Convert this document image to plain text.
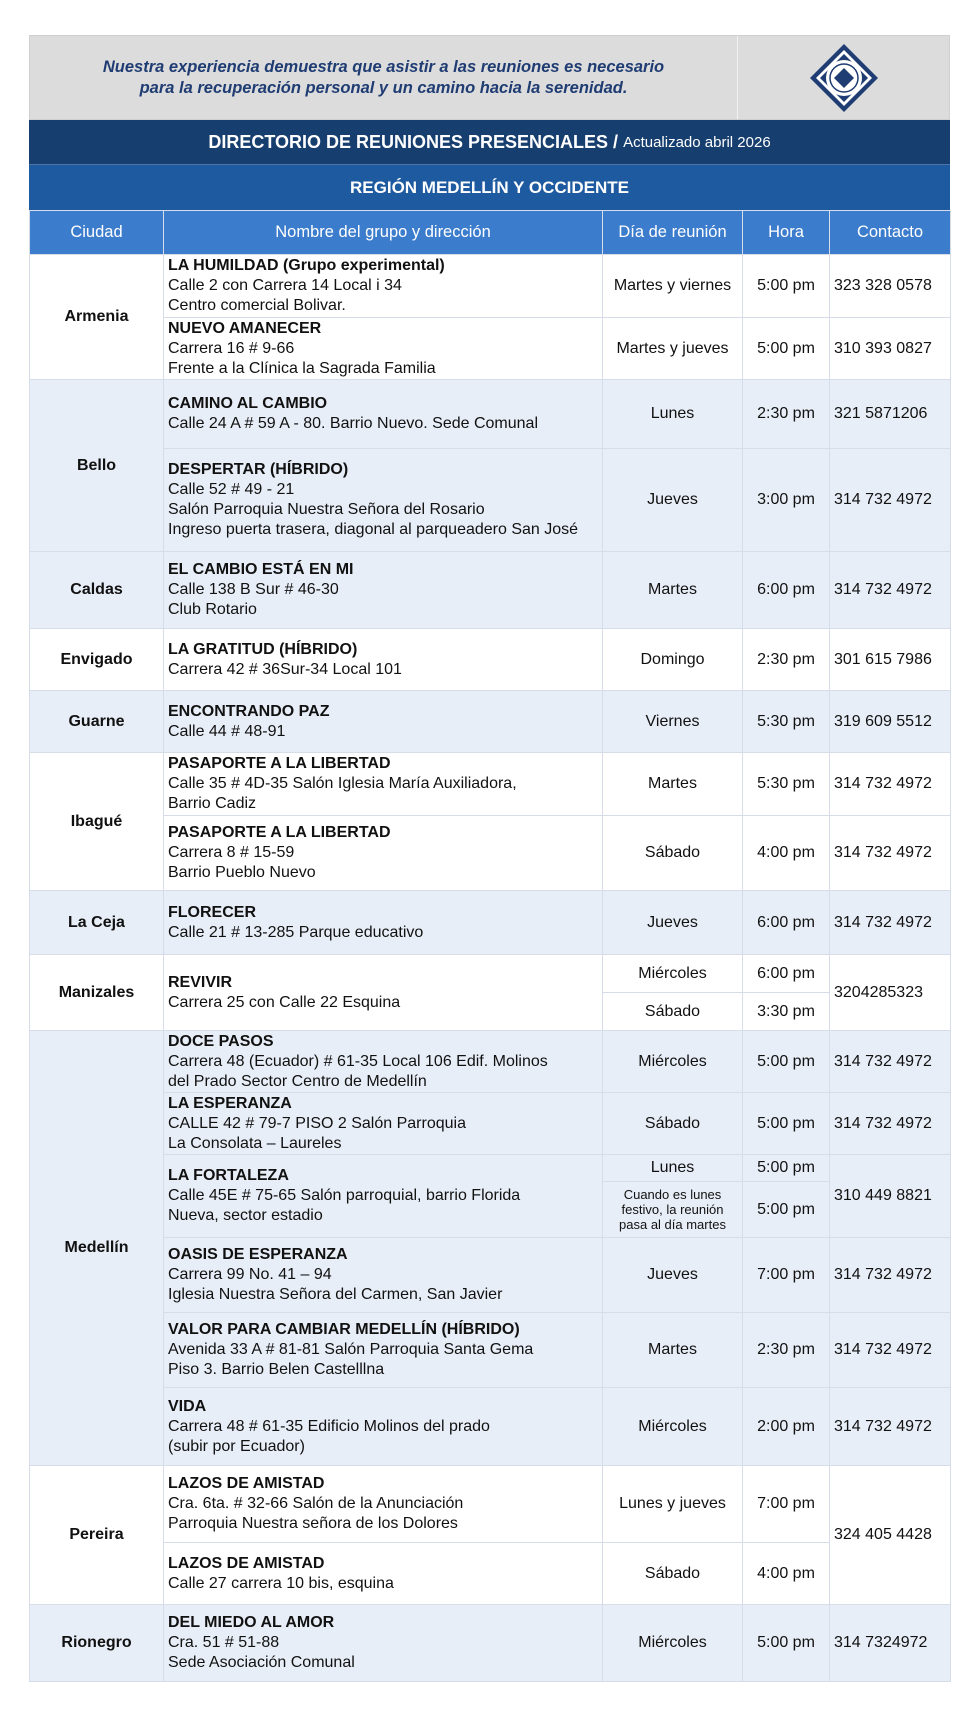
Nuestra experiencia demuestra que asistir a las reuniones es necesario
para la recuperación personal y un camino hacia la serenidad.
DIRECTORIO DE REUNIONES PRESENCIALES / Actualizado abril 2026
REGIÓN MEDELLÍN Y OCCIDENTE
Ciudad	Nombre del grupo y dirección	Día de reunión	Hora	Contacto
Armenia	LA HUMILDAD (Grupo experimental)
Calle 2 con Carrera 14 Local i 34
Centro comercial Bolivar.	Martes y viernes	5:00 pm	323 328 0578

	NUEVO AMANECER
Carrera 16 # 9-66
Frente a la Clínica la Sagrada Familia	Martes y jueves	5:00 pm	310 393 0827
Bello	CAMINO AL CAMBIO
Calle 24 A # 59 A - 80. Barrio Nuevo. Sede Comunal	Lunes	2:30 pm	321 5871206

	DESPERTAR (HÍBRIDO)
Calle 52 # 49 - 21
Salón Parroquia Nuestra Señora del Rosario
Ingreso puerta trasera, diagonal al parqueadero San José	Jueves	3:00 pm	314 732 4972
Caldas	EL CAMBIO ESTÁ EN MI
Calle 138 B Sur # 46-30
Club Rotario	Martes	6:00 pm	314 732 4972
Envigado	LA GRATITUD (HÍBRIDO)
Carrera 42 # 36Sur-34 Local 101	Domingo	2:30 pm	301 615 7986
Guarne	ENCONTRANDO PAZ
Calle 44 # 48-91	Viernes	5:30 pm	319 609 5512
Ibagué	PASAPORTE A LA LIBERTAD
Calle 35 # 4D-35 Salón Iglesia María Auxiliadora,
Barrio Cadiz	Martes	5:30 pm	314 732 4972

	PASAPORTE A LA LIBERTAD
Carrera 8 # 15-59
Barrio Pueblo Nuevo	Sábado	4:00 pm	314 732 4972
La Ceja	FLORECER
Calle 21 # 13-285 Parque educativo	Jueves	6:00 pm	314 732 4972
Manizales	REVIVIR
Carrera 25 con Calle 22 Esquina	Miércoles	6:00 pm	3204285323
		Sábado	3:30 pm	
Medellín	DOCE PASOS
Carrera 48 (Ecuador) # 61-35 Local 106 Edif. Molinos
del Prado Sector Centro de Medellín	Miércoles	5:00 pm	314 732 4972

	LA ESPERANZA
CALLE 42 # 79-7 PISO 2 Salón Parroquia
La Consolata – Laureles	Sábado	5:00 pm	314 732 4972

	LA FORTALEZA
Calle 45E # 75-65 Salón parroquial, barrio Florida
Nueva, sector estadio	Lunes	5:00 pm	310 449 8821
		Cuando es lunes festivo, la reunión pasa al día martes	5:00 pm	

	OASIS DE ESPERANZA
Carrera 99 No. 41 – 94
Iglesia Nuestra Señora del Carmen, San Javier	Jueves	7:00 pm	314 732 4972

	VALOR PARA CAMBIAR MEDELLÍN (HÍBRIDO)
Avenida 33 A # 81-81 Salón Parroquia Santa Gema
Piso 3. Barrio Belen Castelllna	Martes	2:30 pm	314 732 4972

	VIDA
Carrera 48 # 61-35 Edificio Molinos del prado
(subir por Ecuador)	Miércoles	2:00 pm	314 732 4972
Pereira	LAZOS DE AMISTAD
Cra. 6ta. # 32-66 Salón de la Anunciación
Parroquia Nuestra señora de los Dolores	Lunes y jueves	7:00 pm	324 405 4428

	LAZOS DE AMISTAD
Calle 27 carrera 10 bis, esquina	Sábado	4:00 pm	
Rionegro	DEL MIEDO AL AMOR
Cra. 51 # 51-88
Sede Asociación Comunal	Miércoles	5:00 pm	314 7324972
